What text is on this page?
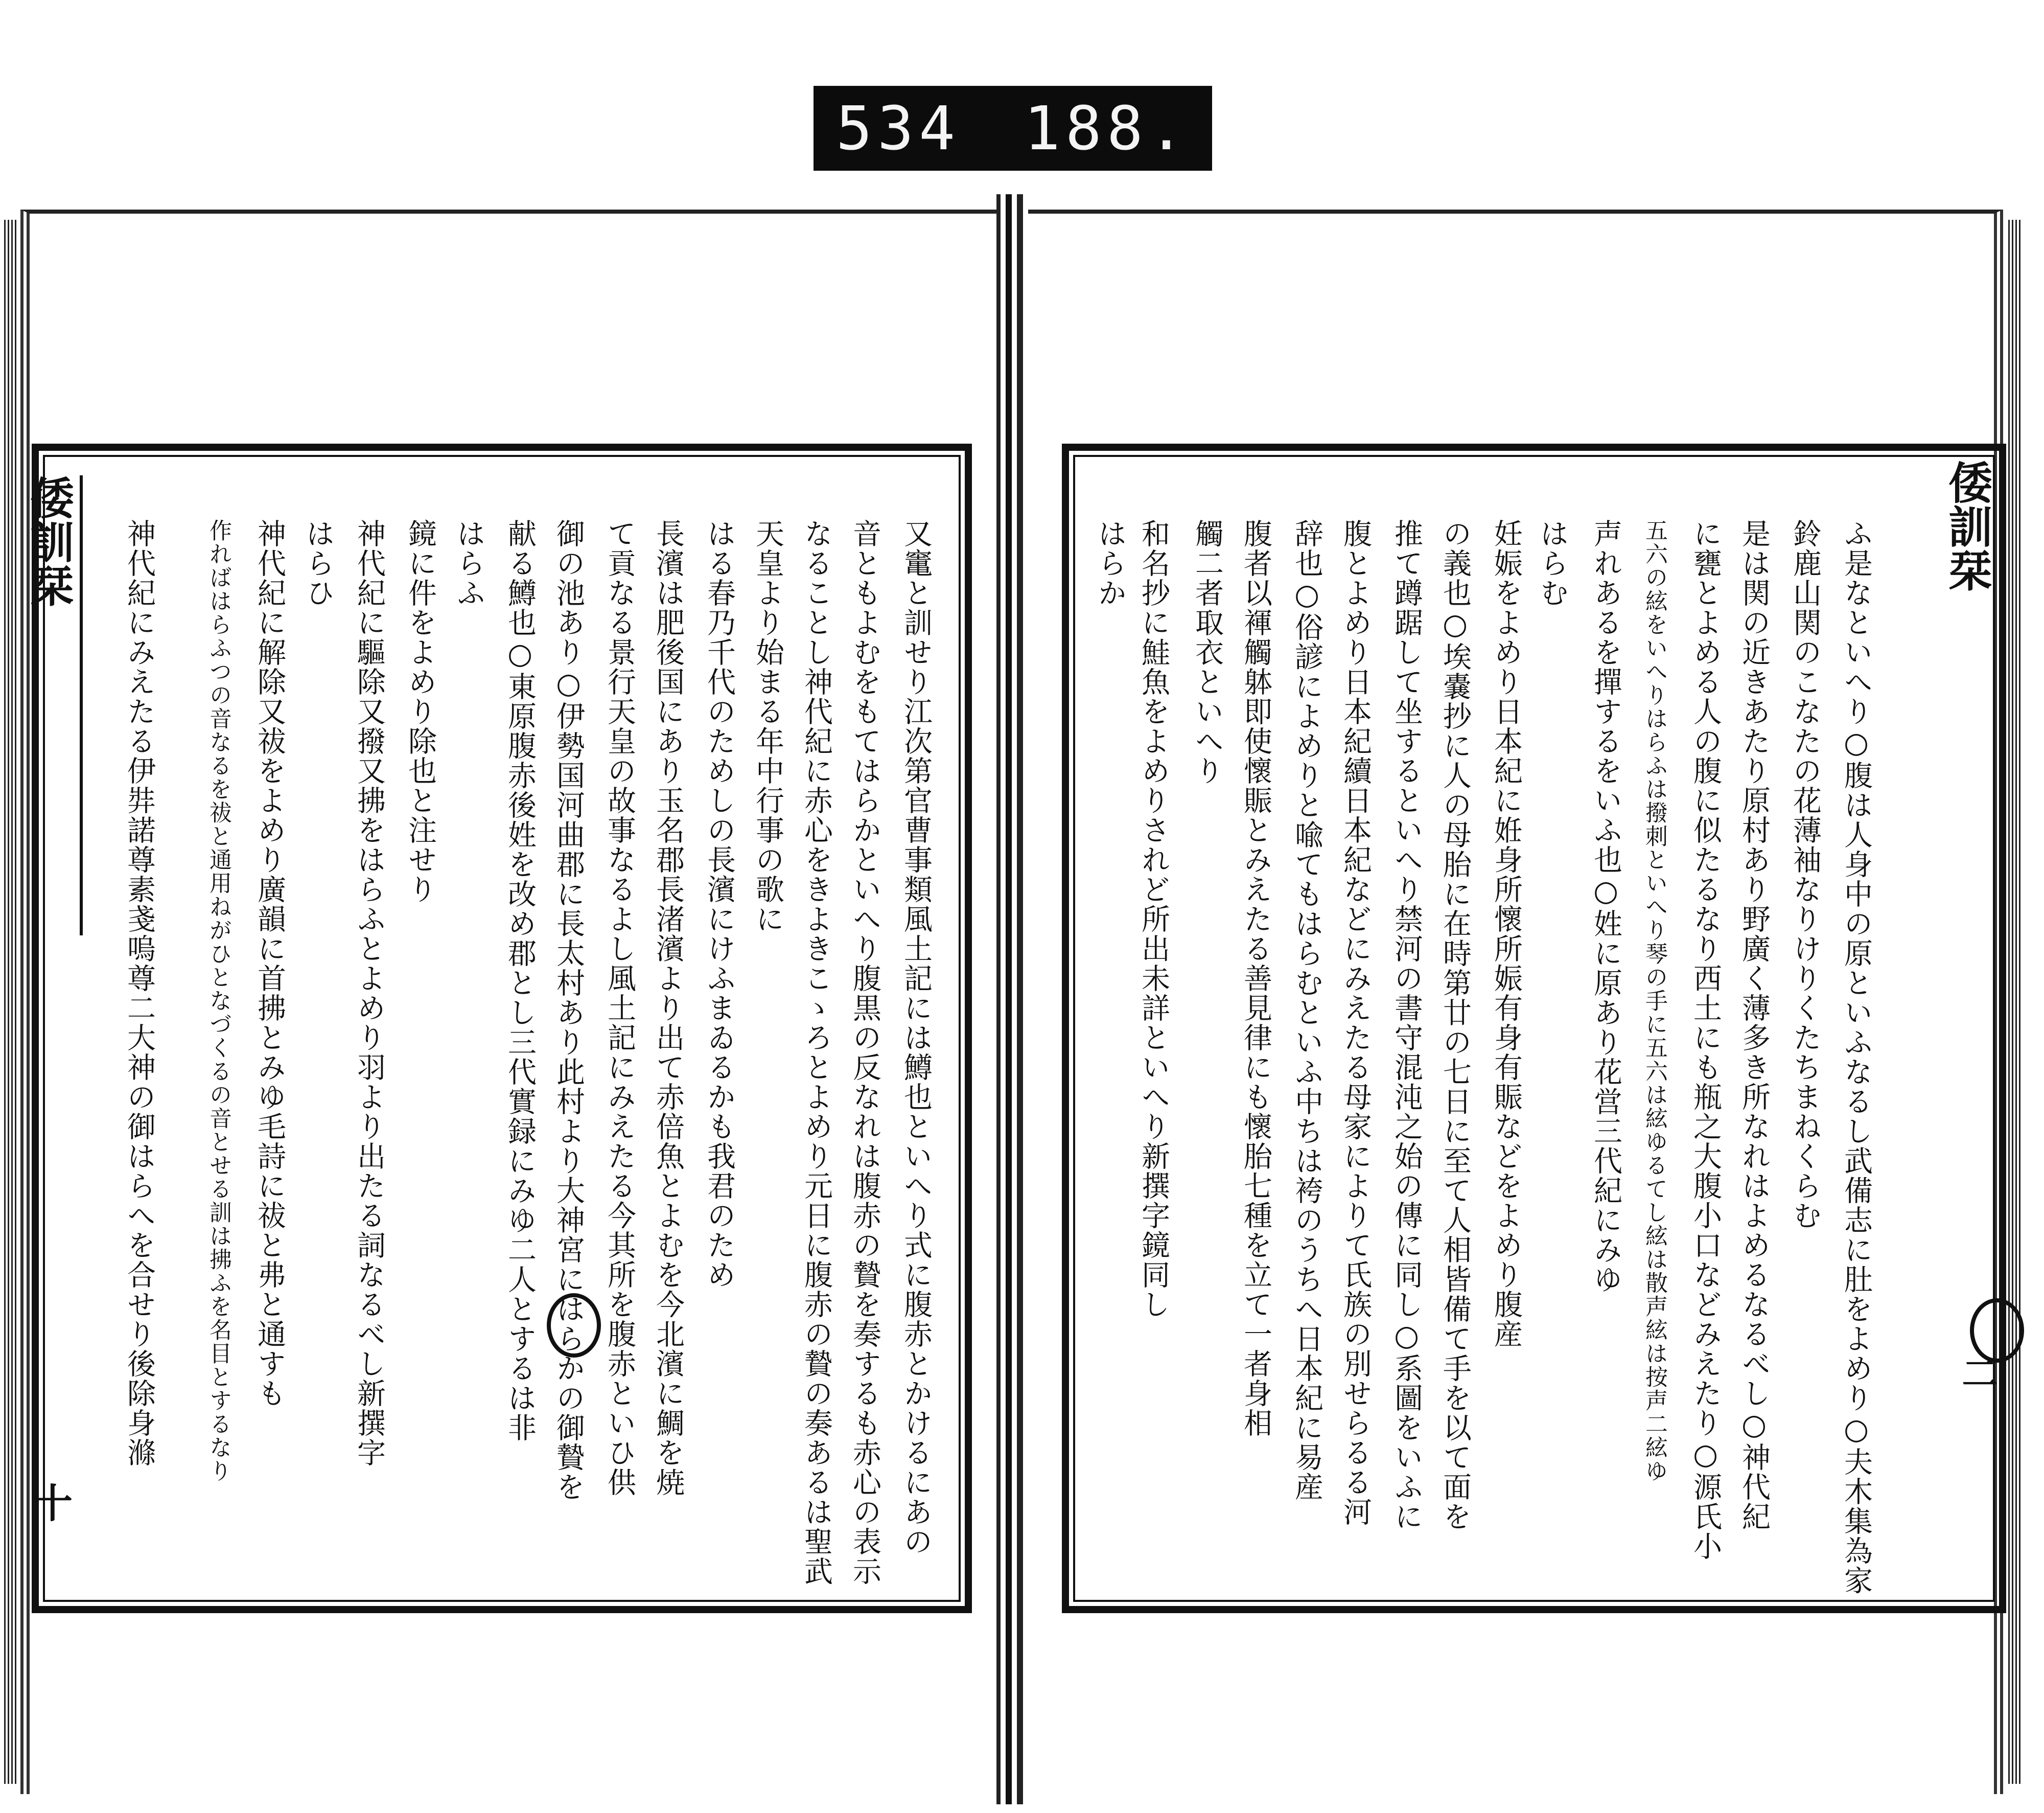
534 188.
倭訓栞
十
倭訓栞
二
又竃と訓せり江次第官曹事類風土記には鱒也といへり式に腹赤とかけるにあの
音ともよむをもてはらかといへり腹黒の反なれは腹赤の贄を奏するも赤心の表示
なることし神代紀に赤心をきよきこゝろとよめり元日に腹赤の贄の奏あるは聖武
天皇より始まる年中行事の歌に
はる春乃千代のためしの長濱にけふまゐるかも我君のため
長濱は肥後国にあり玉名郡長渚濱より出て赤倍魚とよむを今北濱に鯛を焼
て貢なる景行天皇の故事なるよし風土記にみえたる今其所を腹赤といひ供
御の池あり○伊勢国河曲郡に長太村あり此村より大神宮にはらかの御贄を
献る鱒也○東原腹赤後姓を改め郡とし三代實録にみゆ二人とするは非
はらふ
鏡に件をよめり除也と注せり
神代紀に驅除又撥又拂をはらふとよめり羽より出たる詞なるべし新撰字
はらひ
神代紀に解除又祓をよめり廣韻に首拂とみゆ毛詩に祓と弗と通すも
作ればはらふつの音なるを祓と通用ねがひとなづくるの音とせる訓は拂ふを名目とするなり
神代紀にみえたる伊弉諾尊素戔嗚尊二大神の御はらへを合せり後除身滌	はらか 和名抄に鮭魚をよめりされど所出未詳といへり新撰字鏡同し 觸二者取衣といへり 腹者以褌觸躰即使懷賑とみえたる善見律にも懷胎七種を立て一者身相 辞也○俗諺によめりと喩てもはらむといふ中ちは袴のうちへ日本紀に易産 腹とよめり日本紀續日本紀などにみえたる母家によりて氏族の別せらるる河 推て蹲踞して坐するといへり禁河の書守混沌之始の傳に同し○系圖をいふに の義也○埃嚢抄に人の母胎に在時第廿の七日に至て人相皆備て手を以て面を 妊娠をよめり日本紀に姙身所懷所娠有身有賑などをよめり腹産 はらむ 声れあるを撣するをいふ也○姓に原あり花営三代紀にみゆ 五六の絃をいへりはらふは撥刺といへり琴の手に五六は絃ゆるてし絃は散声絃は按声二絃ゆ に甕とよめる人の腹に似たるなり西土にも瓶之大腹小口などみえたり○源氏小 是は関の近きあたり原村あり野廣く薄多き所なれはよめるなるべし○神代紀 鈴鹿山関のこなたの花薄袖なりけりくたちまねくらむ ふ是なといへり○腹は人身中の原といふなるし武備志に肚をよめり○夫木集為家
